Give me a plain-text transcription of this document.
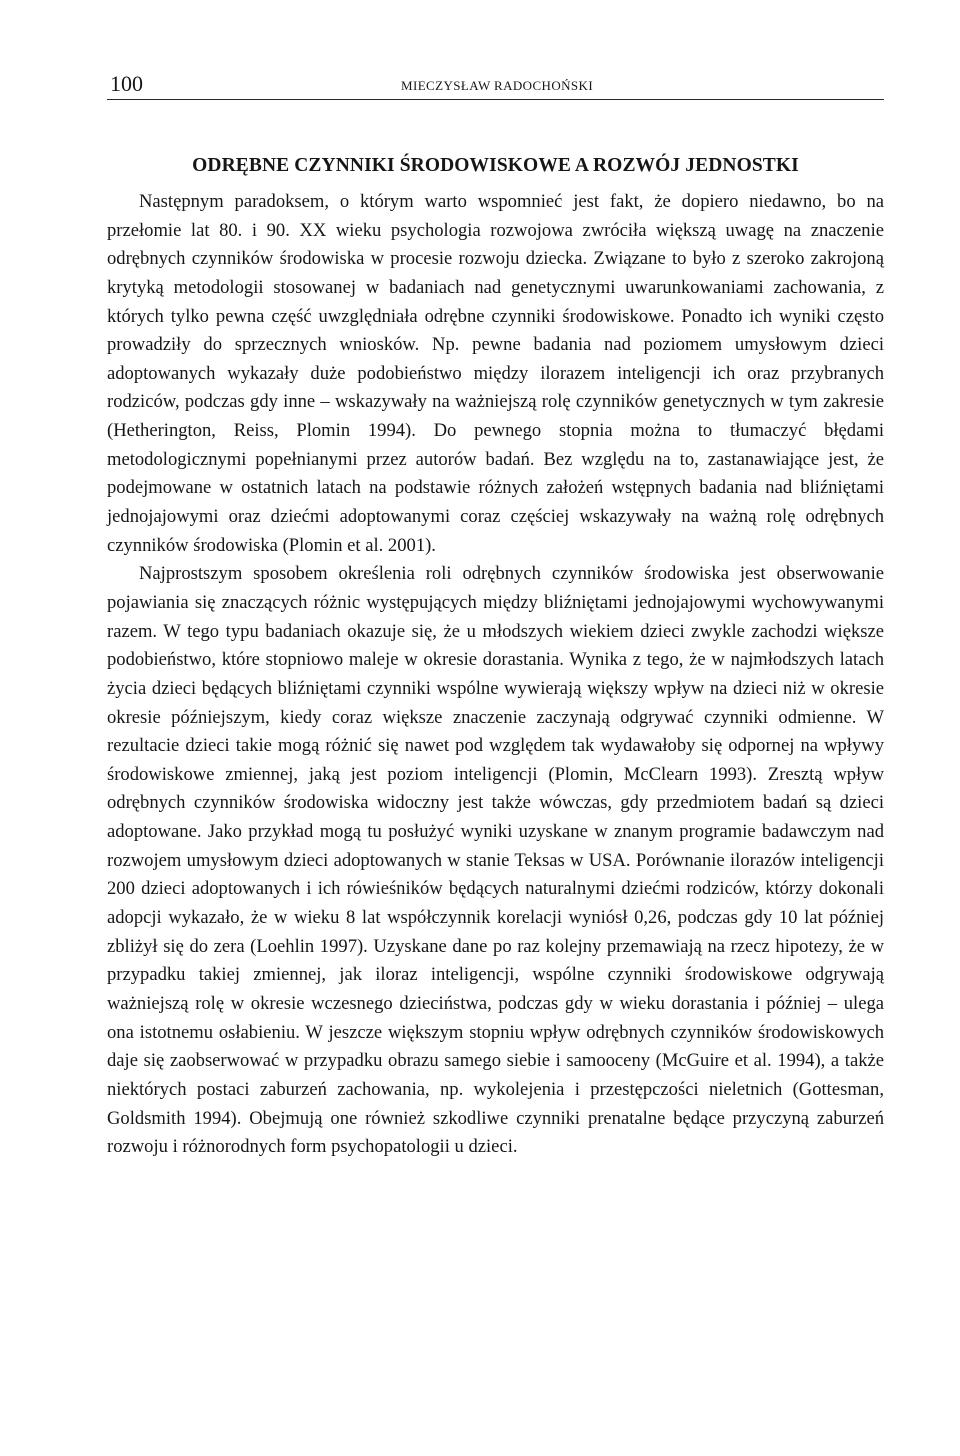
100	MIECZYSŁAW RADOCHOŃSKI
ODRĘBNE CZYNNIKI ŚRODOWISKOWE A ROZWÓJ JEDNOSTKI

Następnym paradoksem, o którym warto wspomnieć jest fakt, że dopiero niedawno, bo na przełomie lat 80. i 90. XX wieku psychologia rozwojowa zwróciła większą uwagę na znaczenie odrębnych czynników środowiska w procesie rozwoju dziecka. Związane to było z szeroko zakrojoną krytyką metodologii stosowanej w badaniach nad genetycznymi uwarunkowaniami zachowania, z których tylko pewna część uwzględniała odrębne czynniki środowiskowe. Ponadto ich wyniki często prowadziły do sprzecznych wniosków. Np. pewne badania nad poziomem umysłowym dzieci adoptowanych wykazały duże podobieństwo między ilorazem inteligencji ich oraz przybranych rodziców, podczas gdy inne – wskazywały na ważniejszą rolę czynników genetycznych w tym zakresie (Hetherington, Reiss, Plomin 1994). Do pewnego stopnia można to tłumaczyć błędami metodologicznymi popełnianymi przez autorów badań. Bez względu na to, zastanawiające jest, że podejmowane w ostatnich latach na podstawie różnych założeń wstępnych badania nad bliźniętami jednojajowymi oraz dziećmi adoptowanymi coraz częściej wskazywały na ważną rolę odrębnych czynników środowiska (Plomin et al. 2001).

Najprostszym sposobem określenia roli odrębnych czynników środowiska jest obserwowanie pojawiania się znaczących różnic występujących między bliźniętami jednojajowymi wychowywanymi razem. W tego typu badaniach okazuje się, że u młodszych wiekiem dzieci zwykle zachodzi większe podobieństwo, które stopniowo maleje w okresie dorastania. Wynika z tego, że w najmłodszych latach życia dzieci będących bliźniętami czynniki wspólne wywierają większy wpływ na dzieci niż w okresie okresie późniejszym, kiedy coraz większe znaczenie zaczynają odgrywać czynniki odmienne. W rezultacie dzieci takie mogą różnić się nawet pod względem tak wydawałoby się odpornej na wpływy środowiskowe zmiennej, jaką jest poziom inteligencji (Plomin, McClearn 1993). Zresztą wpływ odrębnych czynników środowiska widoczny jest także wówczas, gdy przedmiotem badań są dzieci adoptowane. Jako przykład mogą tu posłużyć wyniki uzyskane w znanym programie badawczym nad rozwojem umysłowym dzieci adoptowanych w stanie Teksas w USA. Porównanie ilorazów inteligencji 200 dzieci adoptowanych i ich rówieśników będących naturalnymi dziećmi rodziców, którzy dokonali adopcji wykazało, że w wieku 8 lat współczynnik korelacji wyniósł 0,26, podczas gdy 10 lat później zbliżył się do zera (Loehlin 1997). Uzyskane dane po raz kolejny przemawiają na rzecz hipotezy, że w przypadku takiej zmiennej, jak iloraz inteligencji, wspólne czynniki środowiskowe odgrywają ważniejszą rolę w okresie wczesnego dzieciństwa, podczas gdy w wieku dorastania i później – ulega ona istotnemu osłabieniu. W jeszcze większym stopniu wpływ odrębnych czynników środowiskowych daje się zaobserwować w przypadku obrazu samego siebie i samooceny (McGuire et al. 1994), a także niektórych postaci zaburzeń zachowania, np. wykolejenia i przestępczości nieletnich (Gottesman, Goldsmith 1994). Obejmują one również szkodliwe czynniki prenatalne będące przyczyną zaburzeń rozwoju i różnorodnych form psychopatologii u dzieci.
